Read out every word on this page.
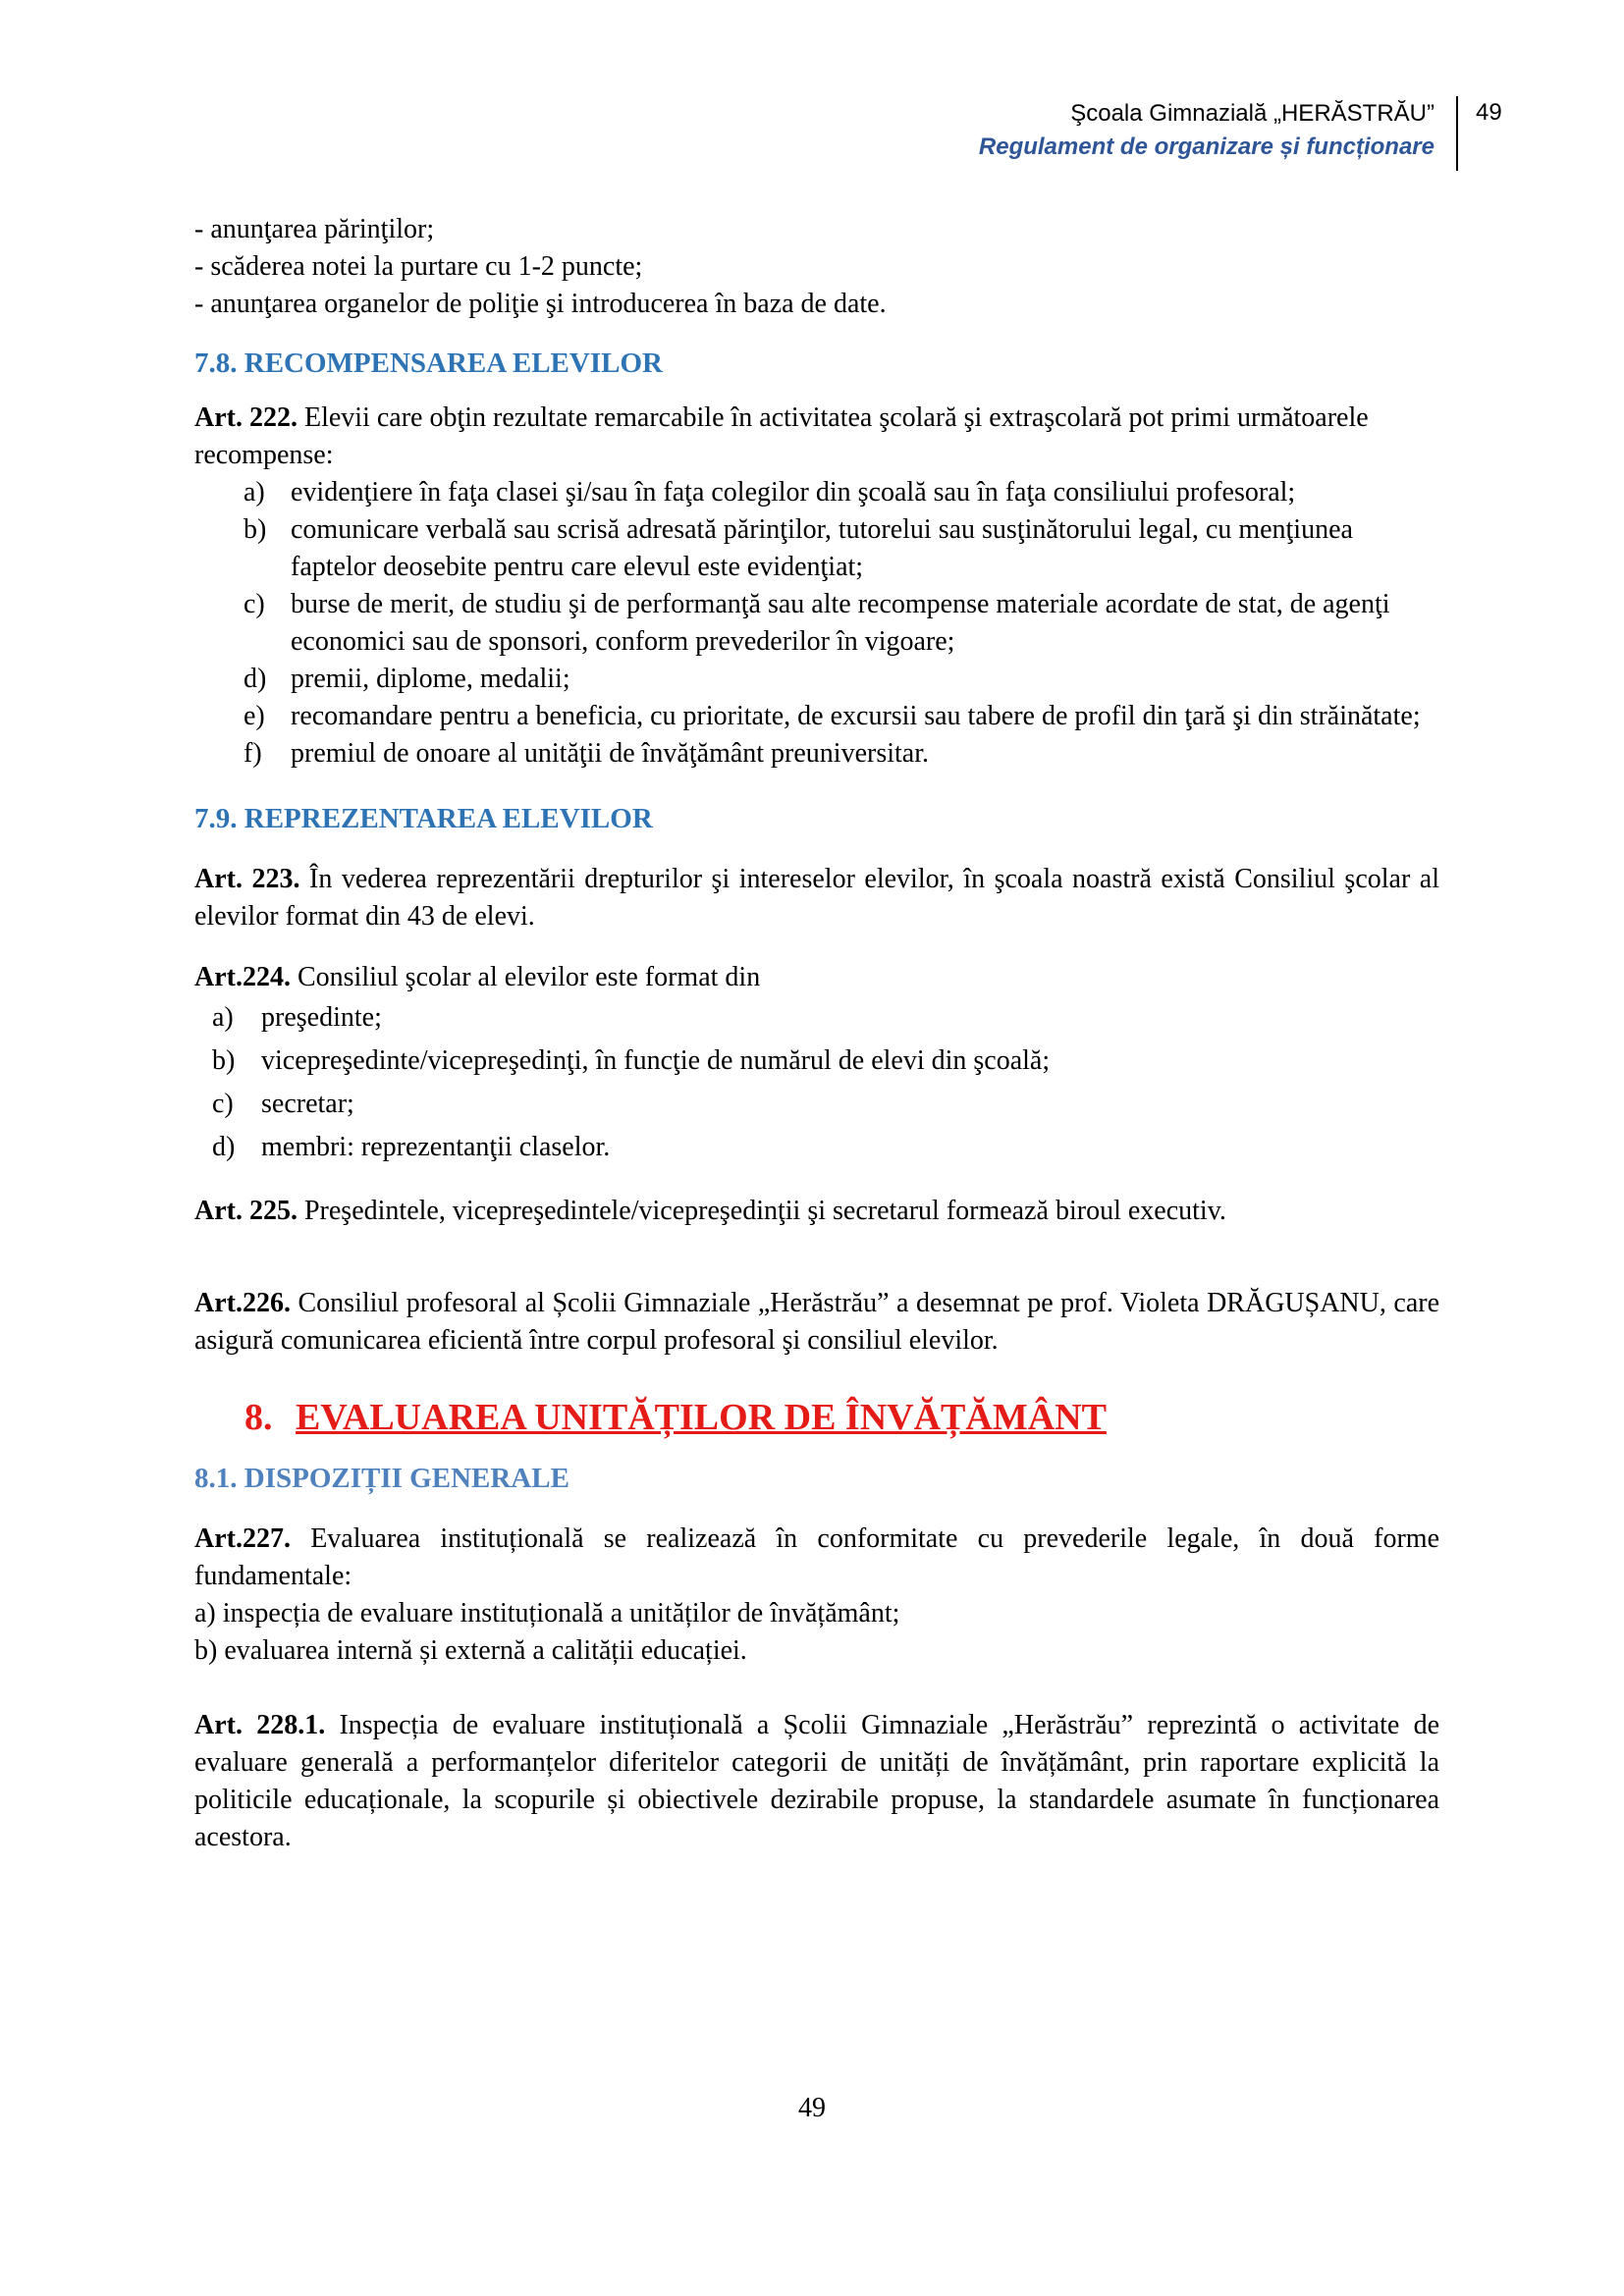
Şcoala Gimnazială „HERĂSTRĂU”
Regulament de organizare și funcționare
49

- anunţarea părinţilor;

- scăderea notei la purtare cu 1-2 puncte;

- anunţarea organelor de poliţie şi introducerea în baza de date.

7.8. RECOMPENSAREA ELEVILOR

Art. 222. Elevii care obţin rezultate remarcabile în activitatea şcolară şi extraşcolară pot primi următoarele recompense:

a) evidenţiere în faţa clasei şi/sau în faţa colegilor din şcoală sau în faţa consiliului profesoral;
b) comunicare verbală sau scrisă adresată părinţilor, tutorelui sau susţinătorului legal, cu menţiunea faptelor deosebite pentru care elevul este evidenţiat;
c) burse de merit, de studiu şi de performanţă sau alte recompense materiale acordate de stat, de agenţi economici sau de sponsori, conform prevederilor în vigoare;
d) premii, diplome, medalii;
e) recomandare pentru a beneficia, cu prioritate, de excursii sau tabere de profil din ţară şi din străinătate;
f)	premiul de onoare al unităţii de învăţământ preuniversitar.

7.9. REPREZENTAREA ELEVILOR

Art. 223. În vederea reprezentării drepturilor şi intereselor elevilor, în şcoala noastră există Consiliul şcolar al elevilor format din 43 de elevi.

Art.224. Consiliul şcolar al elevilor este format din

a)	preşedinte;
b) vicepreşedinte/vicepreşedinţi, în funcţie de numărul de elevi din şcoală;
c)	secretar;
d) membri: reprezentanţii claselor.

Art. 225. Preşedintele, vicepreşedintele/vicepreşedinţii şi secretarul formează biroul executiv.

Art.226. Consiliul profesoral al Școlii Gimnaziale „Herăstrău” a desemnat pe prof. Violeta DRĂGUȘANU, care asigură comunicarea eficientă între corpul profesoral şi consiliul elevilor.

8. EVALUAREA UNITĂȚILOR DE ÎNVĂȚĂMÂNT

8.1. DISPOZIȚII GENERALE

Art.227. Evaluarea instituțională se realizează în conformitate cu prevederile legale, în două forme fundamentale:

a) inspecția de evaluare instituțională a unităților de învățământ;

b) evaluarea internă și externă a calității educației.

Art. 228.1. Inspecția de evaluare instituțională a Școlii Gimnaziale „Herăstrău” reprezintă o activitate de evaluare generală a performanțelor diferitelor categorii de unități de învățământ, prin raportare explicită la politicile educaționale, la scopurile și obiectivele dezirabile propuse, la standardele asumate în funcționarea acestora.

49
